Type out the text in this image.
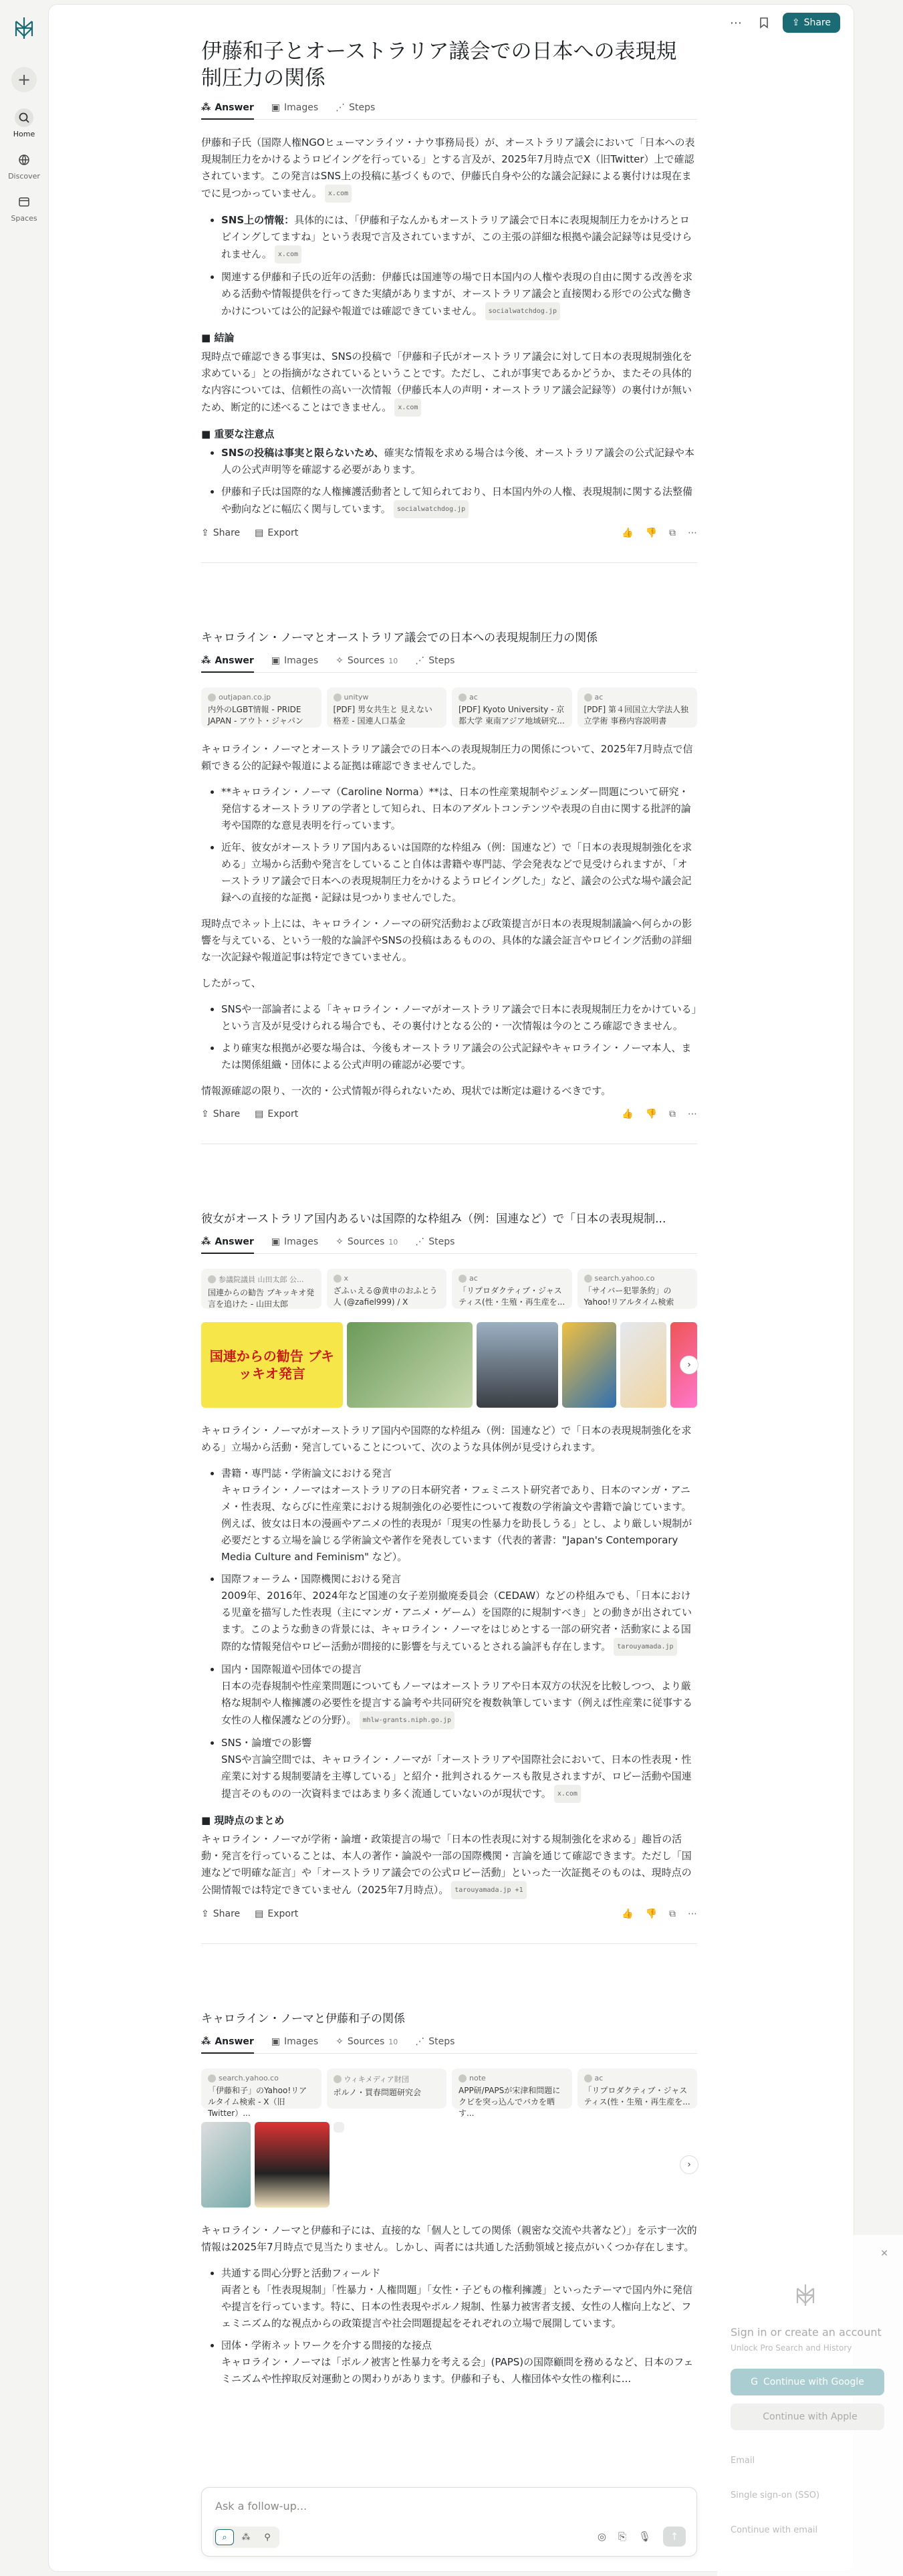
+
Home
Discover
Spaces
⋯	⇪ Share
伊藤和子とオーストラリア議会での日本への表現規制圧力の関係
⁂ Answer ▣ Images ⋰ Steps

伊藤和子氏（国際人権NGOヒューマンライツ・ナウ事務局長）が、オーストラリア議会において「日本への表現規制圧力をかけるようロビイングを行っている」とする言及が、2025年7月時点でX（旧Twitter）上で確認されています。この発言はSNS上の投稿に基づくもので、伊藤氏自身や公的な議会記録による裏付けは現在までに見つかっていません。 x.com

• SNS上の情報：具体的には、「伊藤和子なんかもオーストラリア議会で日本に表現規制圧力をかけろとロビイングしてますね」という表現で言及されていますが、この主張の詳細な根拠や議会記録等は見受けられません。 x.com
• 関連する伊藤和子氏の近年の活動：伊藤氏は国連等の場で日本国内の人権や表現の自由に関する改善を求める活動や情報提供を行ってきた実績がありますが、オーストラリア議会と直接関わる形での公式な働きかけについては公的記録や報道では確認できていません。 socialwatchdog.jp
■ 結論

現時点で確認できる事実は、SNSの投稿で「伊藤和子氏がオーストラリア議会に対して日本の表現規制強化を求めている」との指摘がなされているということです。ただし、これが事実であるかどうか、またその具体的な内容については、信頼性の高い一次情報（伊藤氏本人の声明・オーストラリア議会記録等）の裏付けが無いため、断定的に述べることはできません。 x.com

■ 重要な注意点
• SNSの投稿は事実と限らないため、確実な情報を求める場合は今後、オーストラリア議会の公式記録や本人の公式声明等を確認する必要があります。
• 伊藤和子氏は国際的な人権擁護活動者として知られており、日本国内外の人権、表現規制に関する法整備や動向などに幅広く関与しています。 socialwatchdog.jp
⇪ Share ▤ Export	👍 👎 ⧉ ⋯
キャロライン・ノーマとオーストラリア議会での日本への表現規制圧力の関係
⁂ Answer ▣ Images ✧ Sources 10 ⋰ Steps
outjapan.co.jp
内外のLGBT情報 - PRIDE JAPAN - アウト・ジャパン
unityw
[PDF] 男女共生と 見えない格差 - 国連人口基金
ac
[PDF] Kyoto University - 京都大学 東南アジア地域研究...
ac
[PDF] 第４回国立大学法人独立学術 事務内容説明書

キャロライン・ノーマとオーストラリア議会での日本への表現規制圧力の関係について、2025年7月時点で信頼できる公的記録や報道による証拠は確認できませんでした。

• **キャロライン・ノーマ（Caroline Norma）**は、日本の性産業規制やジェンダー問題について研究・発信するオーストラリアの学者として知られ、日本のアダルトコンテンツや表現の自由に関する批評的論考や国際的な意見表明を行っています。
• 近年、彼女がオーストラリア国内あるいは国際的な枠組み（例：国連など）で「日本の表現規制強化を求める」立場から活動や発言をしていること自体は書籍や専門誌、学会発表などで見受けられますが、「オーストラリア議会で日本への表現規制圧力をかけるようロビイングした」など、議会の公式な場や議会記録への直接的な証拠・記録は見つかりませんでした。

現時点でネット上には、キャロライン・ノーマの研究活動および政策提言が日本の表現規制議論へ何らかの影響を与えている、という一般的な論評やSNSの投稿はあるものの、具体的な議会証言やロビイング活動の詳細な一次記録や報道記事は特定できていません。

したがって、

• SNSや一部論者による「キャロライン・ノーマがオーストラリア議会で日本に表現規制圧力をかけている」という言及が見受けられる場合でも、その裏付けとなる公的・一次情報は今のところ確認できません。
• より確実な根拠が必要な場合は、今後もオーストラリア議会の公式記録やキャロライン・ノーマ本人、または関係組織・団体による公式声明の確認が必要です。

情報源確認の限り、一次的・公式情報が得られないため、現状では断定は避けるべきです。

⇪ Share ▤ Export	👍 👎 ⧉ ⋯
彼女がオーストラリア国内あるいは国際的な枠組み（例：国連など）で「日本の表現規制...
⁂ Answer ▣ Images ✧ Sources 10 ⋰ Steps
参議院議員 山田太郎 公...
国連からの勧告 ブキッキオ発言を追けた - 山田太郎
x
ざふぃえる@黄申のおふとう人 (@zafiel999) / X
ac
「リプロダクティブ・ジャスティス(性・生殖・再生産を...
search.yahoo.co
「サイバー犯罪条約」のYahoo!リアルタイム検索
国連からの勧告 ブキッキオ発言
›

キャロライン・ノーマがオーストラリア国内や国際的な枠組み（例：国連など）で「日本の表現規制強化を求める」立場から活動・発言していることについて、次のような具体例が見受けられます。

• 書籍・専門誌・学術論文における発言
キャロライン・ノーマはオーストラリアの日本研究者・フェミニスト研究者であり、日本のマンガ・アニメ・性表現、ならびに性産業における規制強化の必要性について複数の学術論文や書籍で論じています。例えば、彼女は日本の漫画やアニメの性的表現が「現実の性暴力を助長しうる」とし、より厳しい規制が必要だとする立場を論じる学術論文や著作を発表しています（代表的著書："Japan's Contemporary Media Culture and Feminism" など）。
• 国際フォーラム・国際機関における発言
2009年、2016年、2024年など国連の女子差別撤廃委員会（CEDAW）などの枠組みでも、「日本における児童を描写した性表現（主にマンガ・アニメ・ゲーム）を国際的に規制すべき」との動きが出されています。このような動きの背景には、キャロライン・ノーマをはじめとする一部の研究者・活動家による国際的な情報発信やロビー活動が間接的に影響を与えているとされる論評も存在します。 tarouyamada.jp
• 国内・国際報道や団体での提言
日本の売春規制や性産業問題についてもノーマはオーストラリアや日本双方の状況を比較しつつ、より厳格な規制や人権擁護の必要性を提言する論考や共同研究を複数執筆しています（例えば性産業に従事する女性の人権保護などの分野）。 mhlw-grants.niph.go.jp
• SNS・論壇での影響
SNSや言論空間では、キャロライン・ノーマが「オーストラリアや国際社会において、日本の性表現・性産業に対する規制要請を主導している」と紹介・批判されるケースも散見されますが、ロビー活動や国連提言そのものの一次資料まではあまり多く流通していないのが現状です。 x.com
■ 現時点のまとめ

キャロライン・ノーマが学術・論壇・政策提言の場で「日本の性表現に対する規制強化を求める」趣旨の活動・発言を行っていることは、本人の著作・論説や一部の国際機関・言論を通じて確認できます。ただし「国連などで明確な証言」や「オーストラリア議会での公式ロビー活動」といった一次証拠そのものは、現時点の公開情報では特定できていません（2025年7月時点）。 tarouyamada.jp +1

⇪ Share ▤ Export	👍 👎 ⧉ ⋯
キャロライン・ノーマと伊藤和子の関係
⁂ Answer ▣ Images ✧ Sources 10 ⋰ Steps
search.yahoo.co
「伊藤和子」のYahoo!リアルタイム検索 - X（旧Twitter）...
ウィキメディア財団
ポルノ・買春問題研究会
note
APP研/PAPSが宋津和問題に クビを突っ込んでバカを晒す...
ac
「リプロダクティブ・ジャスティス(性・生殖・再生産を...
›

キャロライン・ノーマと伊藤和子には、直接的な「個人としての関係（親密な交流や共著など）」を示す一次的情報は2025年7月時点で見当たりません。しかし、両者には共通した活動領域と接点がいくつか存在します。

• 共通する問心分野と活動フィールド
両者とも「性表現規制」「性暴力・人権問題」「女性・子どもの権利擁護」といったテーマで国内外に発信や提言を行っています。特に、日本の性表現やポルノ規制、性暴力被害者支援、女性の人権向上など、フェミニズム的な視点からの政策提言や社会問題提起をそれぞれの立場で展開しています。
• 団体・学術ネットワークを介する間接的な接点
キャロライン・ノーマは「ポルノ被害と性暴力を考える会」(PAPS)の国際顧問を務めるなど、日本のフェミニズムや性搾取反対運動との関わりがあります。伊藤和子も、人権団体や女性の権利に...
✕
Sign in or create an account
Unlock Pro Search and History
G Continue with Google
Continue with Apple
Email
Single sign-on (SSO)
Continue with email
Ask a follow-up...
⌕	⁂	⚲	◎ ⎘ 🎙 ↑
